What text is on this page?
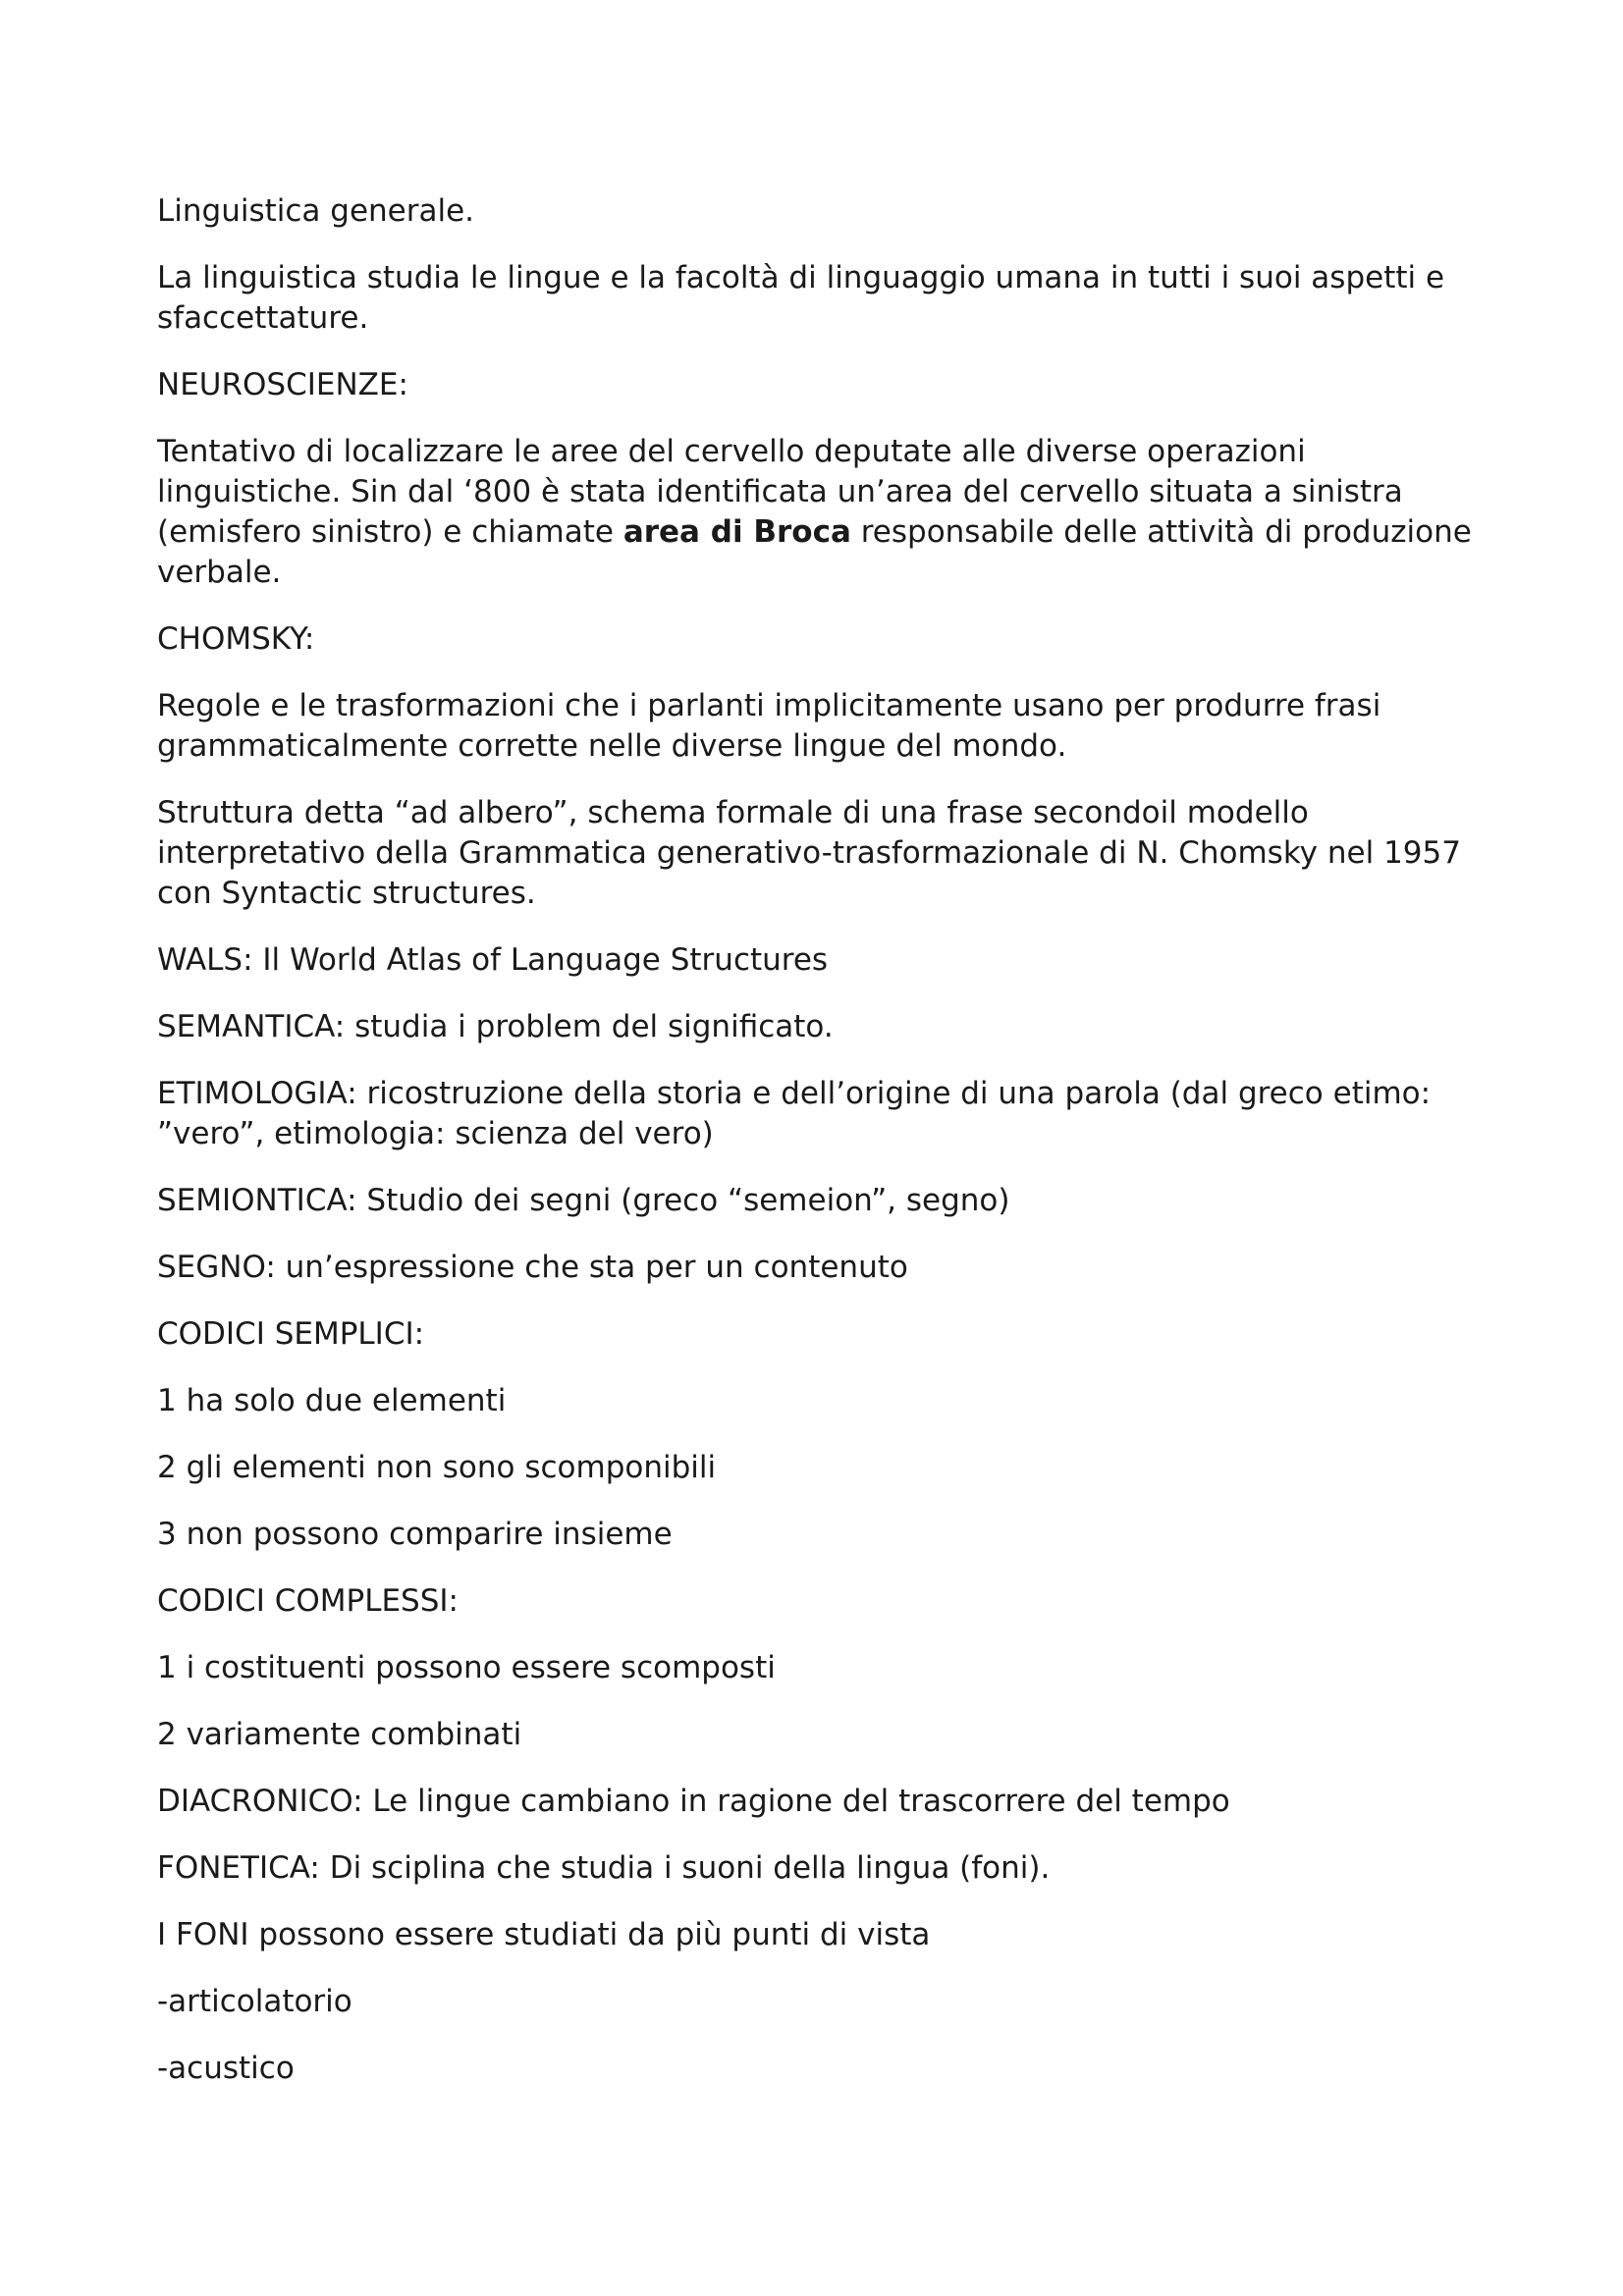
Linguistica generale.

La linguistica studia le lingue e la facoltà di linguaggio umana in tutti i suoi aspetti e sfaccettature.

NEUROSCIENZE:

Tentativo di localizzare le aree del cervello deputate alle diverse operazioni linguistiche. Sin dal ‘800 è stata identificata un’area del cervello situata a sinistra (emisfero sinistro) e chiamate area di Broca responsabile delle attività di produzione verbale.

CHOMSKY:

Regole e le trasformazioni che i parlanti implicitamente usano per produrre frasi grammaticalmente corrette nelle diverse lingue del mondo.

Struttura detta “ad albero”, schema formale di una frase secondoil modello interpretativo della Grammatica generativo-trasformazionale di N. Chomsky nel 1957 con Syntactic structures.

WALS: Il World Atlas of Language Structures

SEMANTICA: studia i problem del significato.

ETIMOLOGIA: ricostruzione della storia e dell’origine di una parola (dal greco etimo: ”vero”, etimologia: scienza del vero)

SEMIONTICA: Studio dei segni (greco “semeion”, segno)

SEGNO: un’espressione che sta per un contenuto

CODICI SEMPLICI:

1 ha solo due elementi

2 gli elementi non sono scomponibili

3 non possono comparire insieme

CODICI COMPLESSI:

1 i costituenti possono essere scomposti

2 variamente combinati

DIACRONICO: Le lingue cambiano in ragione del trascorrere del tempo

FONETICA: Di sciplina che studia i suoni della lingua (foni).

I FONI possono essere studiati da più punti di vista

-articolatorio

-acustico
